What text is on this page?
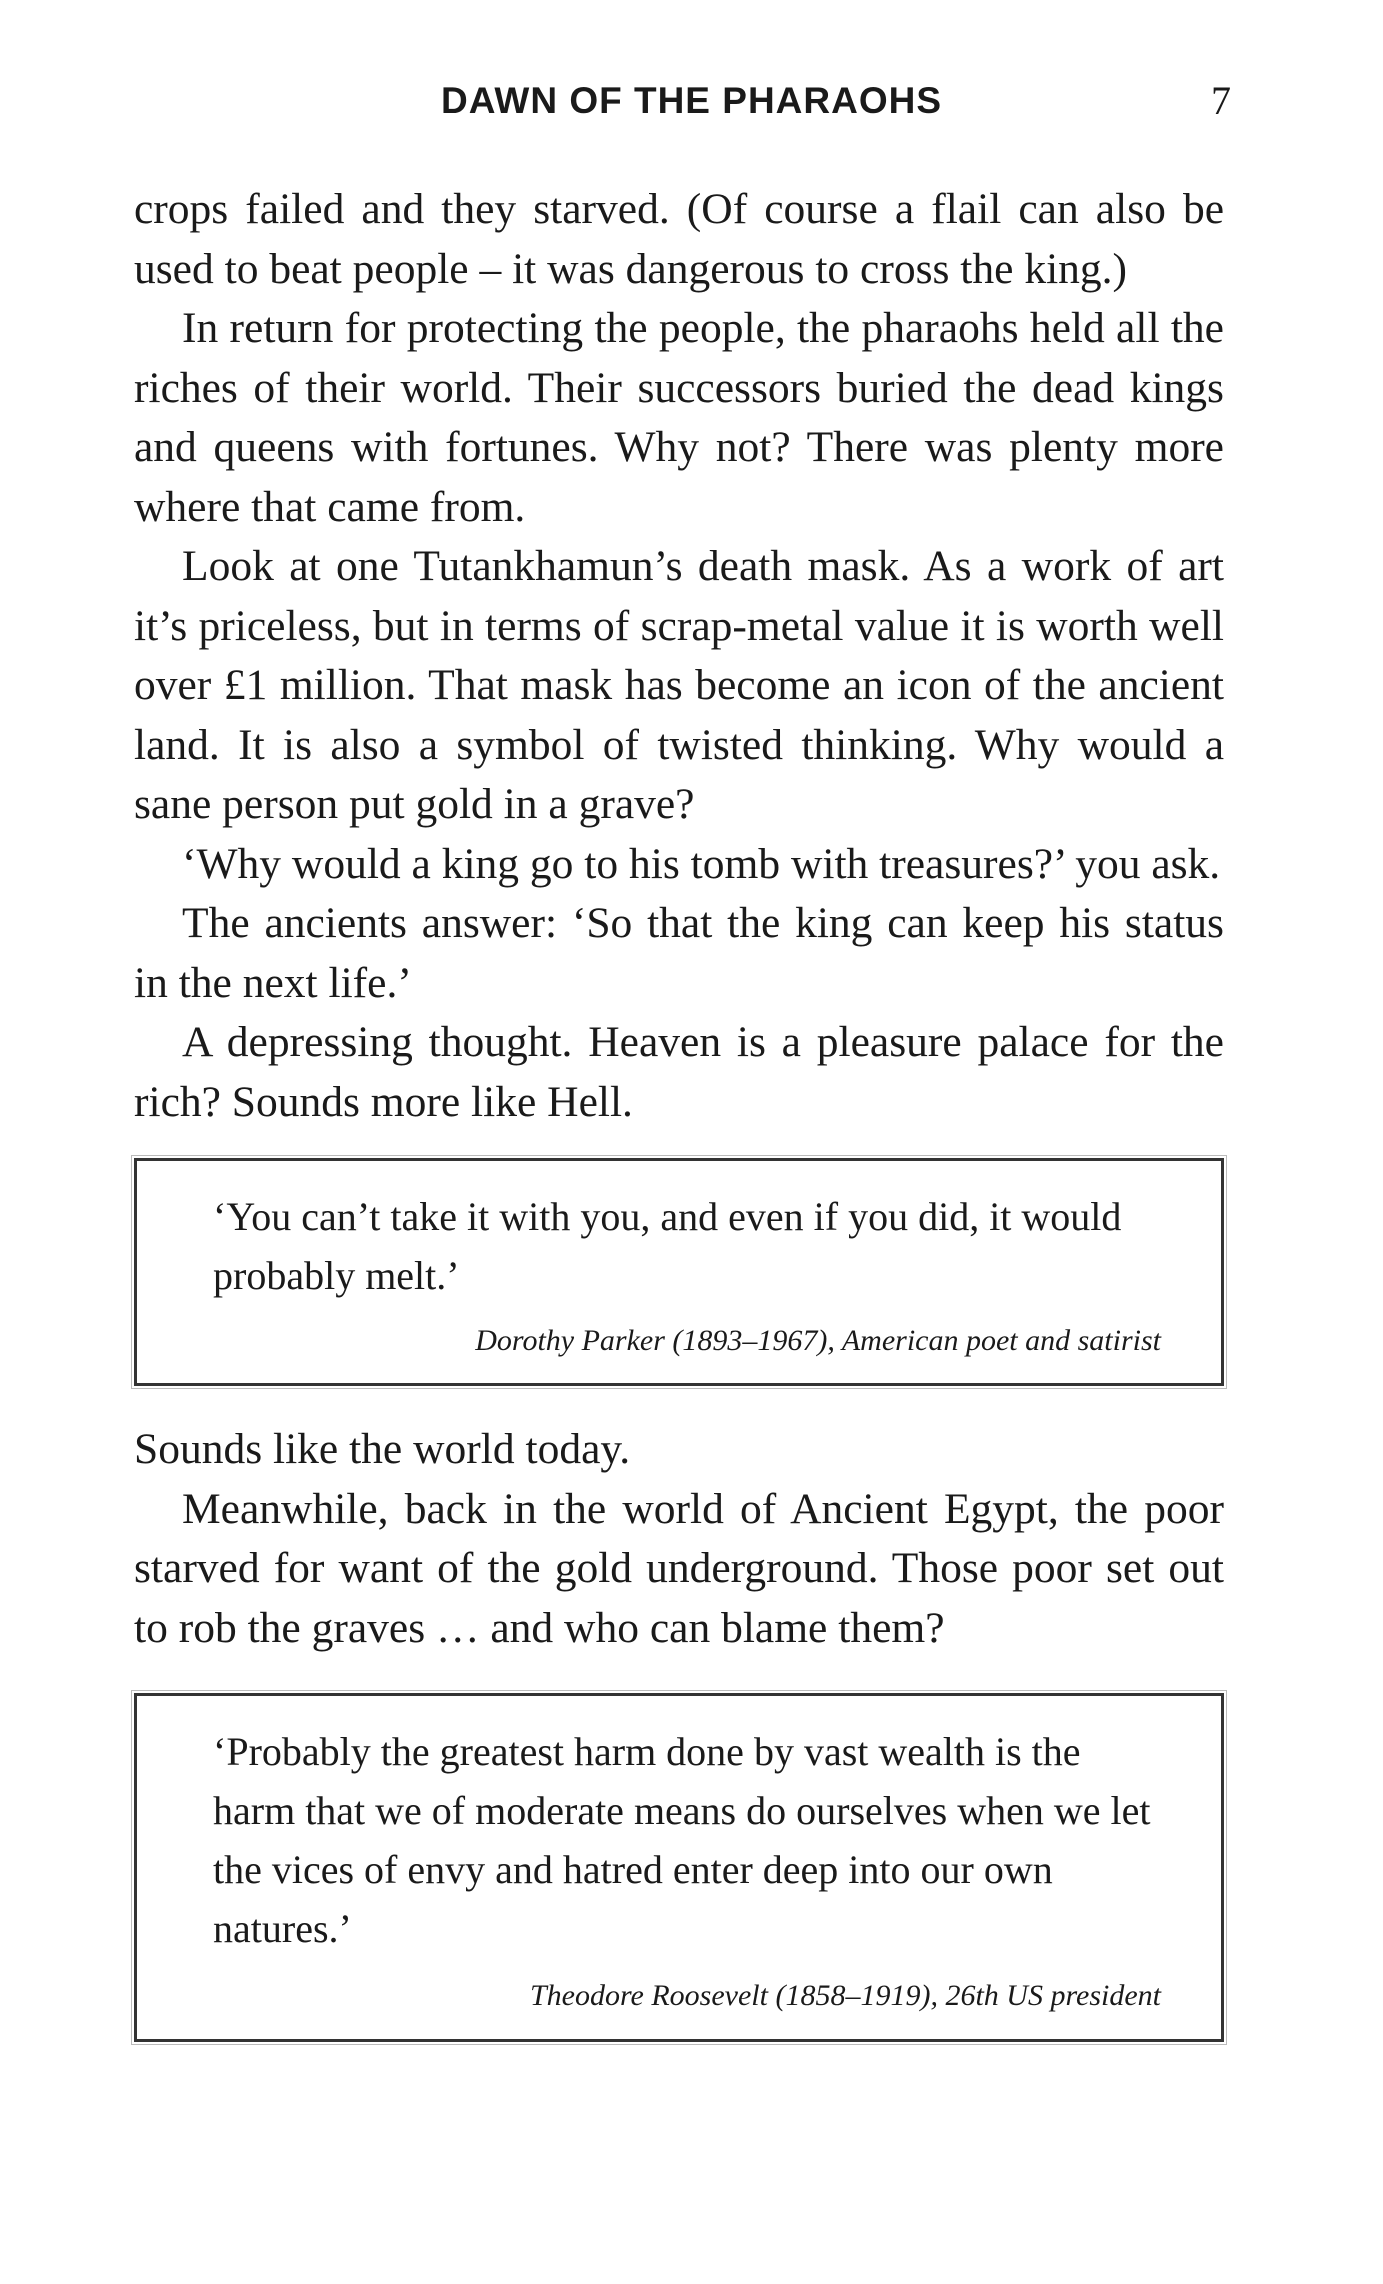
DAWN OF THE PHARAOHS	7

crops failed and they starved. (Of course a flail can also be used to beat people – it was dangerous to cross the king.)

In return for protecting the people, the pharaohs held all the riches of their world. Their successors buried the dead kings and queens with fortunes. Why not? There was plenty more where that came from.

Look at one Tutankhamun’s death mask. As a work of art it’s priceless, but in terms of scrap-metal value it is worth well over £1 million. That mask has become an icon of the ancient land. It is also a symbol of twisted thinking. Why would a sane person put gold in a grave?

‘Why would a king go to his tomb with treasures?’ you ask.

The ancients answer: ‘So that the king can keep his status in the next life.’

A depressing thought. Heaven is a pleasure palace for the rich? Sounds more like Hell.

‘You can’t take it with you, and even if you did, it would probably melt.’
Dorothy Parker (1893–1967), American poet and satirist

Sounds like the world today.

Meanwhile, back in the world of Ancient Egypt, the poor starved for want of the gold underground. Those poor set out to rob the graves … and who can blame them?

‘Probably the greatest harm done by vast wealth is the harm that we of moderate means do ourselves when we let the vices of envy and hatred enter deep into our own natures.’
Theodore Roosevelt (1858–1919), 26th US president
